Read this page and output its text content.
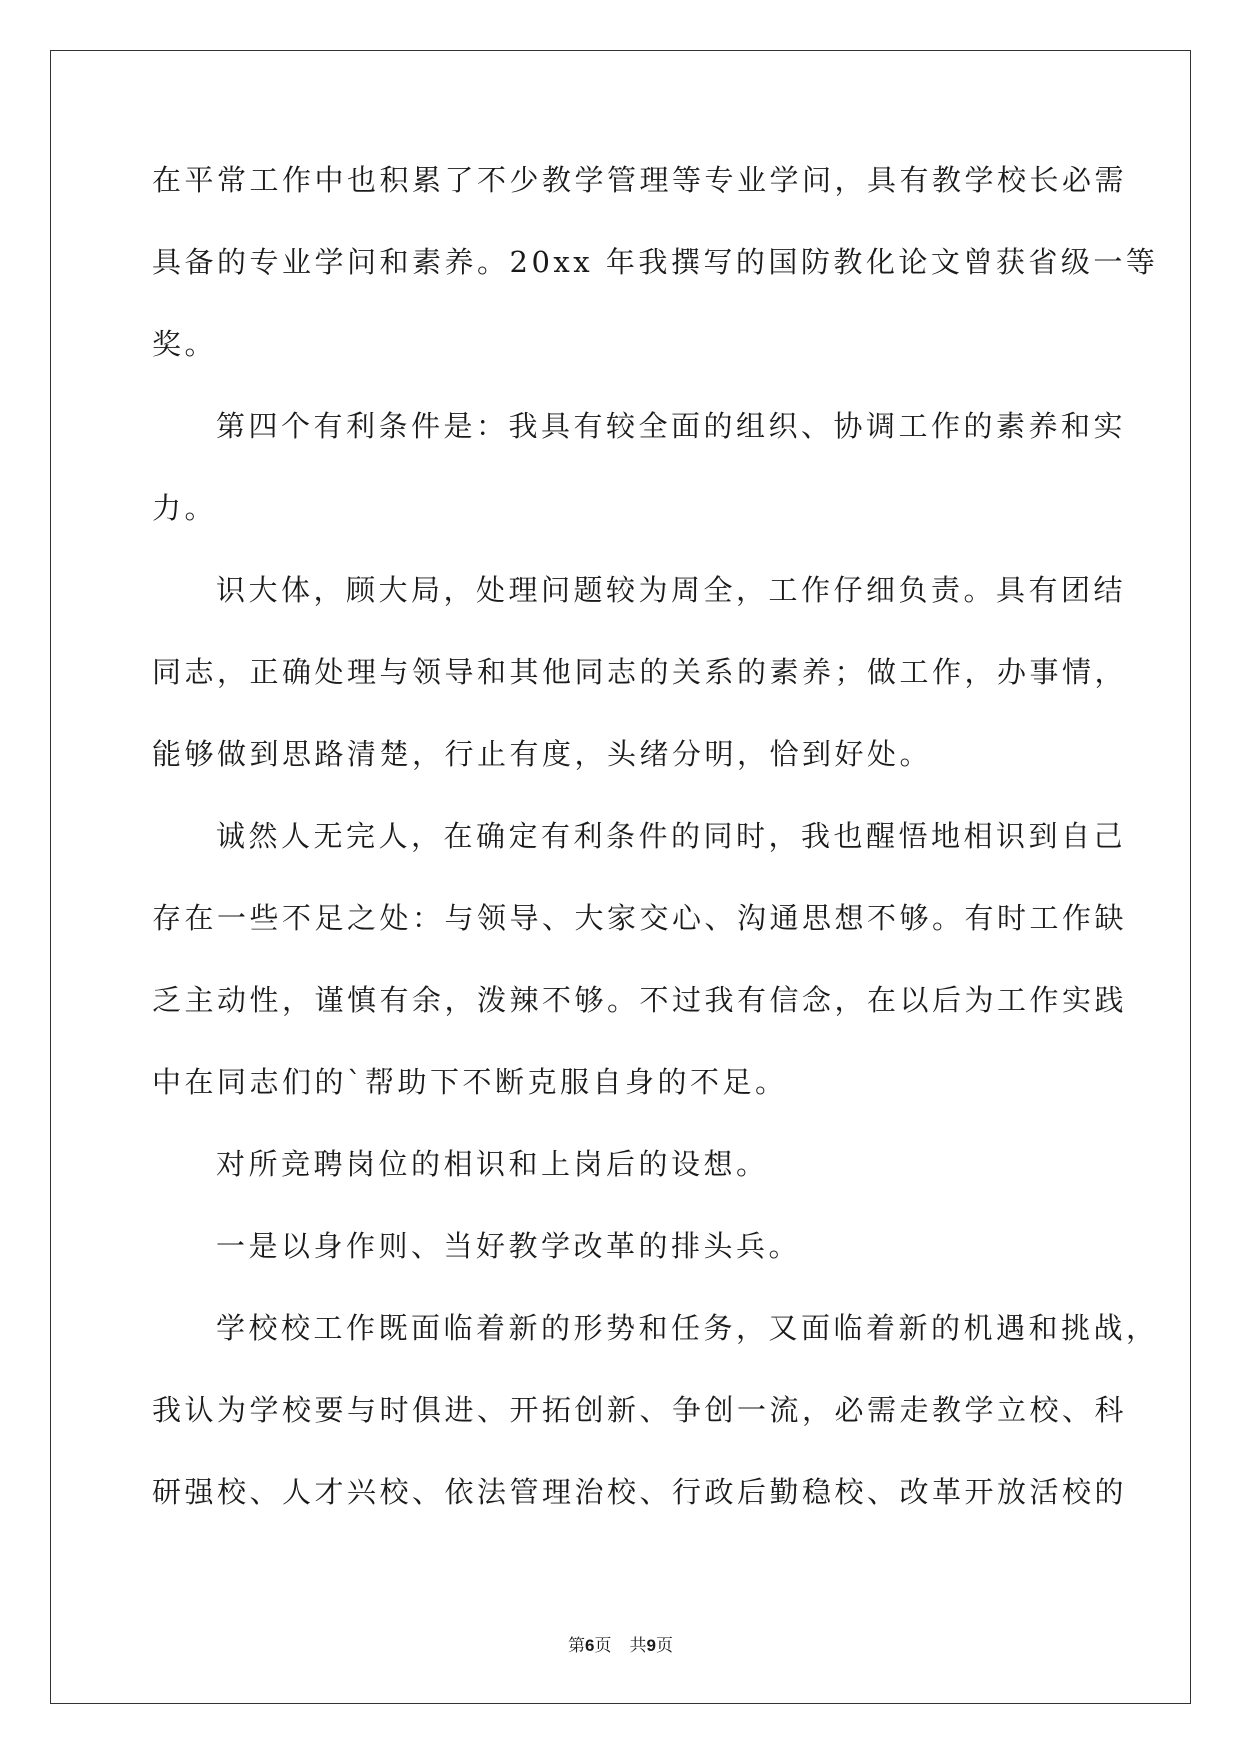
在平常工作中也积累了不少教学管理等专业学问，具有教学校长必需
具备的专业学问和素养。20xx 年我撰写的国防教化论文曾获省级一等
奖。
第四个有利条件是：我具有较全面的组织、协调工作的素养和实
力。
识大体，顾大局，处理问题较为周全，工作仔细负责。具有团结
同志，正确处理与领导和其他同志的关系的素养；做工作，办事情，
能够做到思路清楚，行止有度，头绪分明，恰到好处。
诚然人无完人，在确定有利条件的同时，我也醒悟地相识到自己
存在一些不足之处：与领导、大家交心、沟通思想不够。有时工作缺
乏主动性，谨慎有余，泼辣不够。不过我有信念，在以后为工作实践
中在同志们的`帮助下不断克服自身的不足。
对所竞聘岗位的相识和上岗后的设想。
一是以身作则、当好教学改革的排头兵。
学校校工作既面临着新的形势和任务，又面临着新的机遇和挑战，
我认为学校要与时俱进、开拓创新、争创一流，必需走教学立校、科
研强校、人才兴校、依法管理治校、行政后勤稳校、改革开放活校的
第6页 共9页
